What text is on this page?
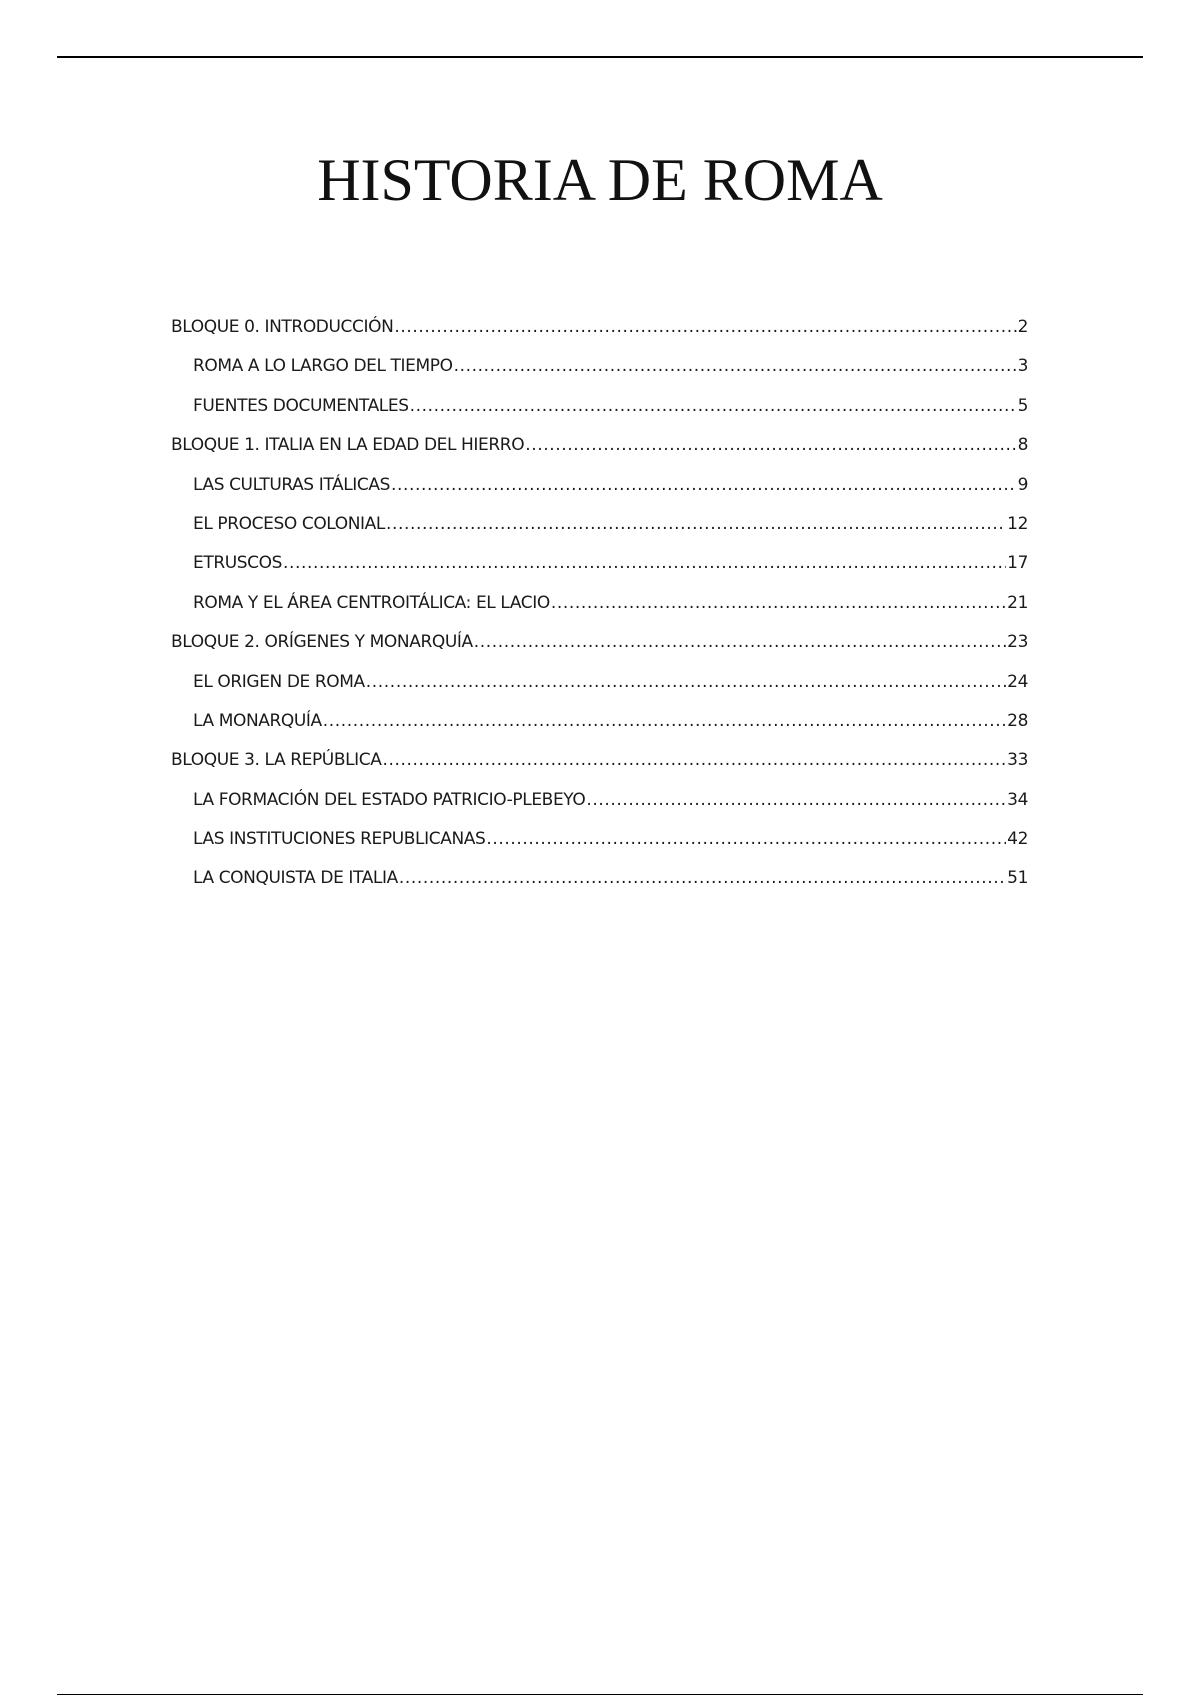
HISTORIA DE ROMA
BLOQUE 0. INTRODUCCIÓN .....	2
ROMA A LO LARGO DEL TIEMPO .....	3
FUENTES DOCUMENTALES .....	5
BLOQUE 1. ITALIA EN LA EDAD DEL HIERRO .....	8
LAS CULTURAS ITÁLICAS .....	9
EL PROCESO COLONIAL .....	12
ETRUSCOS .....	17
ROMA Y EL ÁREA CENTROITÁLICA: EL LACIO .....	21
BLOQUE 2. ORÍGENES Y MONARQUÍA .....	23
EL ORIGEN DE ROMA .....	24
LA MONARQUÍA .....	28
BLOQUE 3. LA REPÚBLICA .....	33
LA FORMACIÓN DEL ESTADO PATRICIO-PLEBEYO .....	34
LAS INSTITUCIONES REPUBLICANAS .....	42
LA CONQUISTA DE ITALIA .....	51
